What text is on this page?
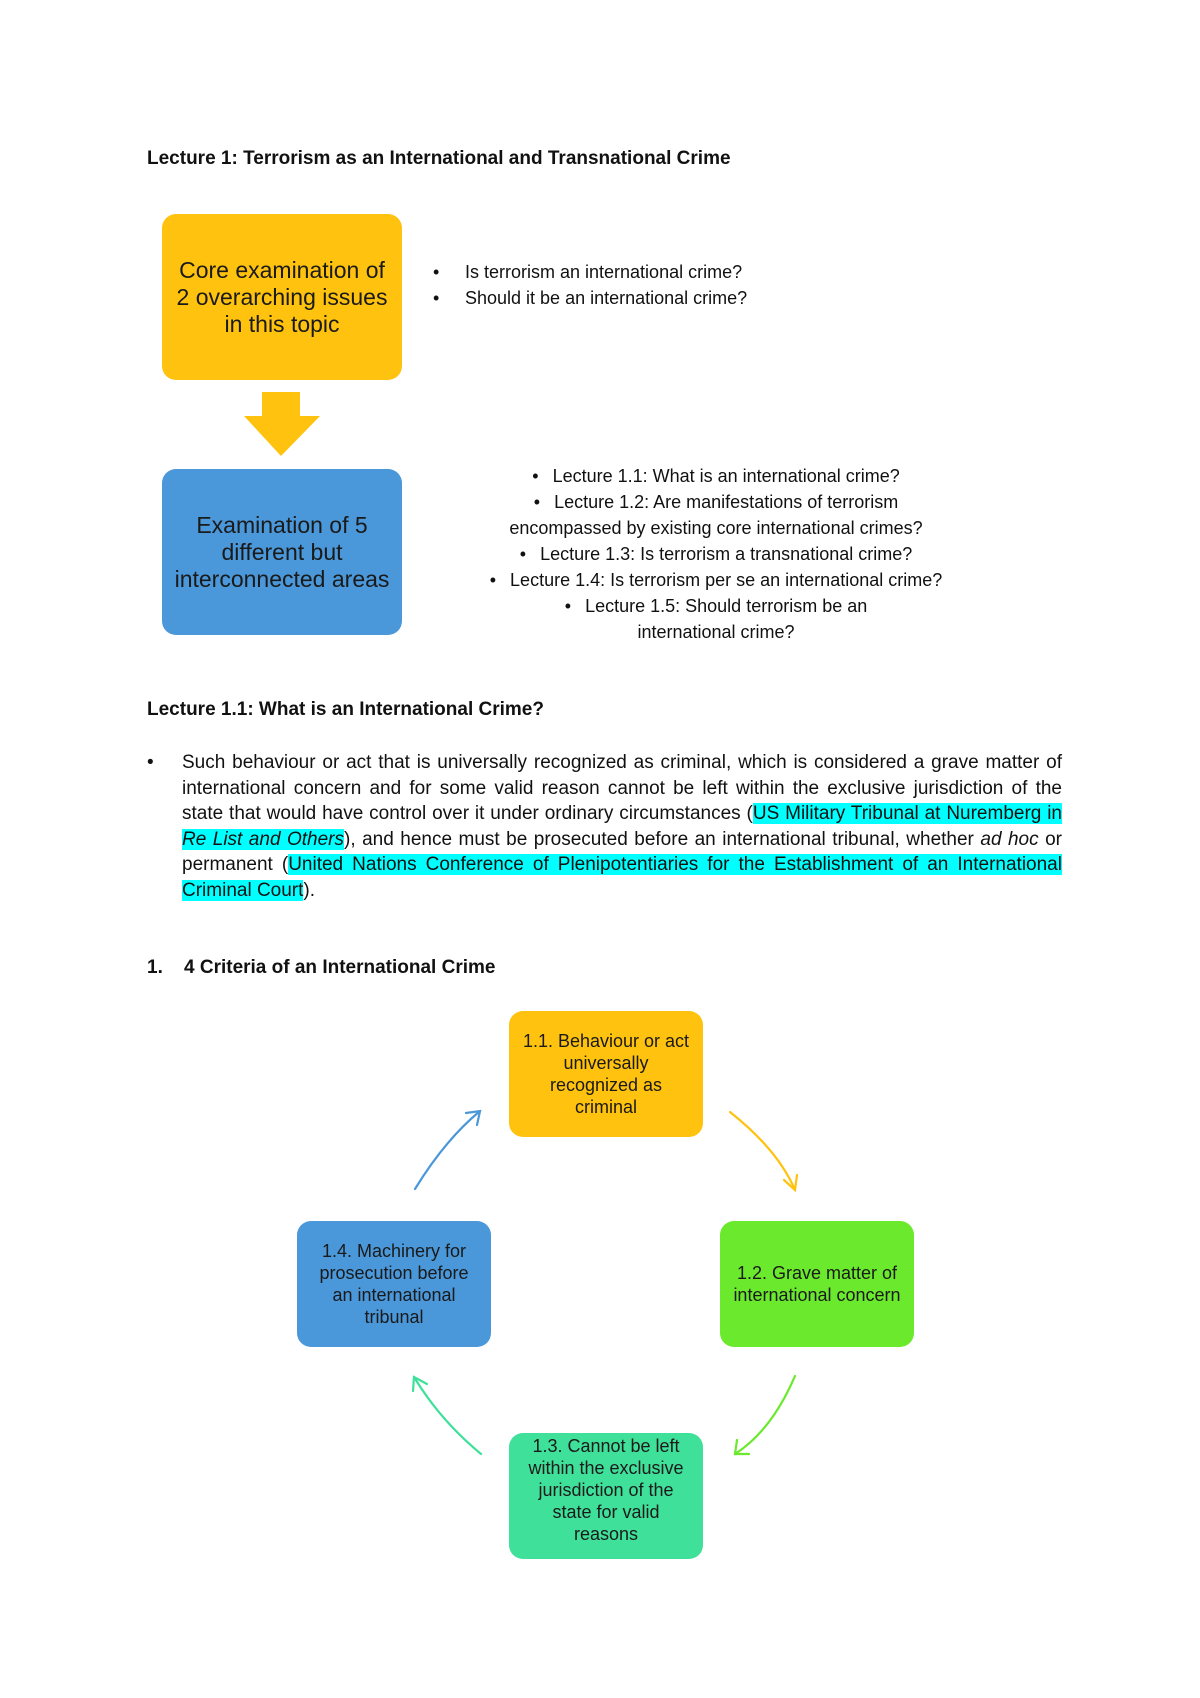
Lecture 1: Terrorism as an International and Transnational Crime
Core examination of 2 overarching issues in this topic
• Is terrorism an international crime?
• Should it be an international crime?
Examination of 5 different but interconnected areas
• Lecture 1.1: What is an international crime?
• Lecture 1.2: Are manifestations of terrorism encompassed by existing core international crimes?
• Lecture 1.3: Is terrorism a transnational crime?
• Lecture 1.4: Is terrorism per se an international crime?
• Lecture 1.5: Should terrorism be an international crime?
Lecture 1.1: What is an International Crime?
• Such behaviour or act that is universally recognized as criminal, which is considered a grave matter of international concern and for some valid reason cannot be left within the exclusive jurisdiction of the state that would have control over it under ordinary circumstances (US Military Tribunal at Nuremberg in Re List and Others), and hence must be prosecuted before an international tribunal, whether ad hoc or permanent (United Nations Conference of Plenipotentiaries for the Establishment of an International Criminal Court).

1. 4 Criteria of an International Crime
1.1. Behaviour or act universally recognized as criminal
1.2. Grave matter of international concern
1.3. Cannot be left within the exclusive jurisdiction of the state for valid reasons
1.4. Machinery for prosecution before an international tribunal
